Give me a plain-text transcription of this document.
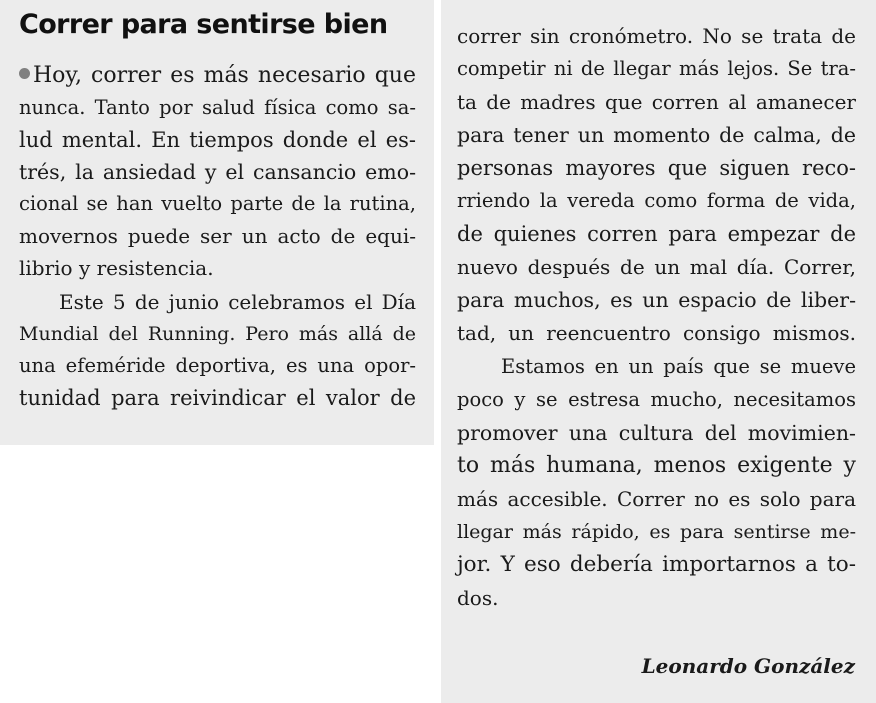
Correr para sentirse bien
Hoy, correr es más necesario que
nunca. Tanto por salud física como sa-
lud mental. En tiempos donde el es-
trés, la ansiedad y el cansancio emo-
cional se han vuelto parte de la rutina,
movernos puede ser un acto de equi-
librio y resistencia.
Este 5 de junio celebramos el Día
Mundial del Running. Pero más allá de
una efeméride deportiva, es una opor-
tunidad para reivindicar el valor de
correr sin cronómetro. No se trata de
competir ni de llegar más lejos. Se tra-
ta de madres que corren al amanecer
para tener un momento de calma, de
personas mayores que siguen reco-
rriendo la vereda como forma de vida,
de quienes corren para empezar de
nuevo después de un mal día. Correr,
para muchos, es un espacio de liber-
tad, un reencuentro consigo mismos.
Estamos en un país que se mueve
poco y se estresa mucho, necesitamos
promover una cultura del movimien-
to más humana, menos exigente y
más accesible. Correr no es solo para
llegar más rápido, es para sentirse me-
jor. Y eso debería importarnos a to-
dos.
Leonardo González
